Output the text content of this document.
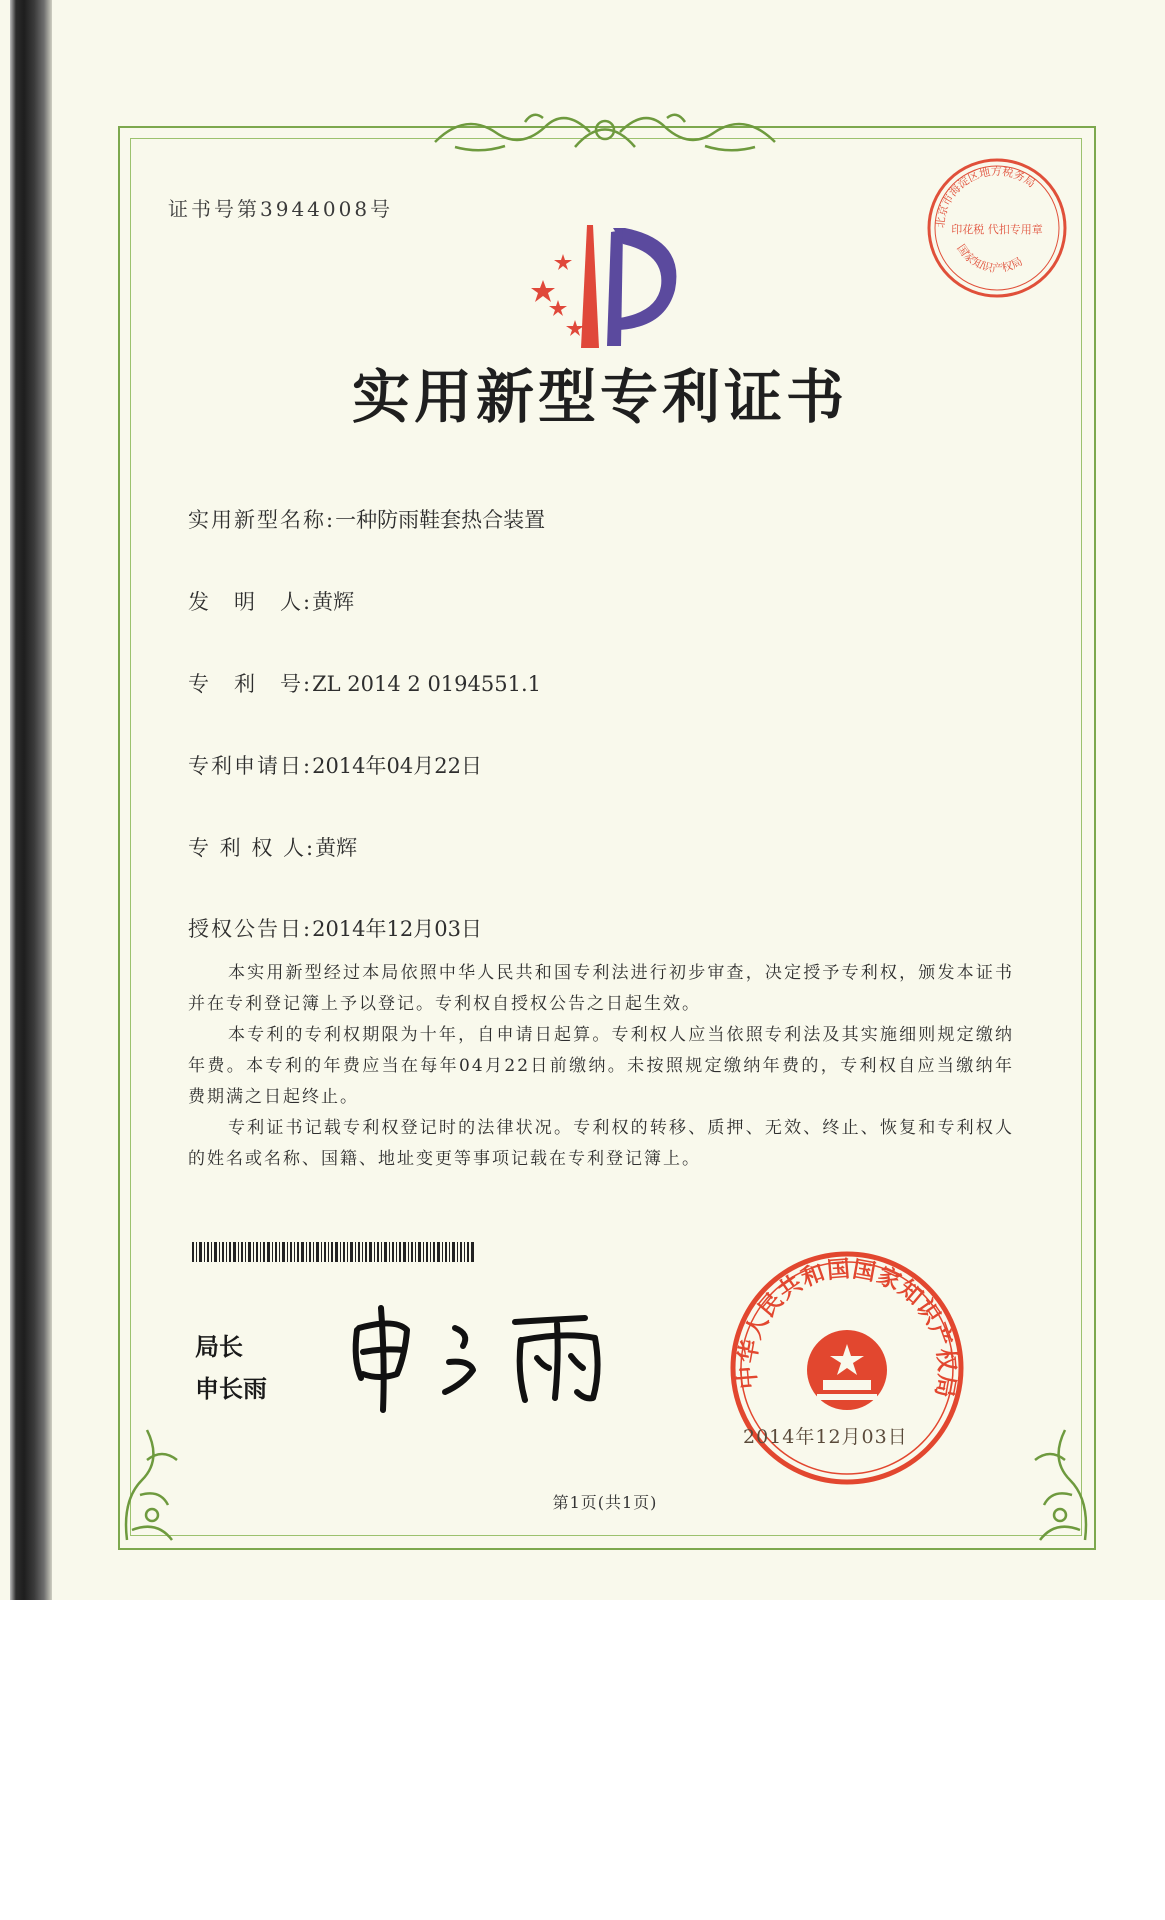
证书号第3944008号
北京市海淀区地方税务局
印花税 代扣专用章
国家知识产权局
实用新型专利证书
实用新型名称:一种防雨鞋套热合装置
发　明　人:黄辉
专　利　号:ZL 2014 2 0194551.1
专利申请日:2014年04月22日
专 利 权 人:黄辉
授权公告日:2014年12月03日

本实用新型经过本局依照中华人民共和国专利法进行初步审查，决定授予专利权，颁发本证书并在专利登记簿上予以登记。专利权自授权公告之日起生效。

本专利的专利权期限为十年，自申请日起算。专利权人应当依照专利法及其实施细则规定缴纳年费。本专利的年费应当在每年04月22日前缴纳。未按照规定缴纳年费的，专利权自应当缴纳年费期满之日起终止。

专利证书记载专利权登记时的法律状况。专利权的转移、质押、无效、终止、恢复和专利权人的姓名或名称、国籍、地址变更等事项记载在专利登记簿上。

局长
申长雨	中华人民共和国国家知识产权局
2014年12月03日
第1页(共1页)
